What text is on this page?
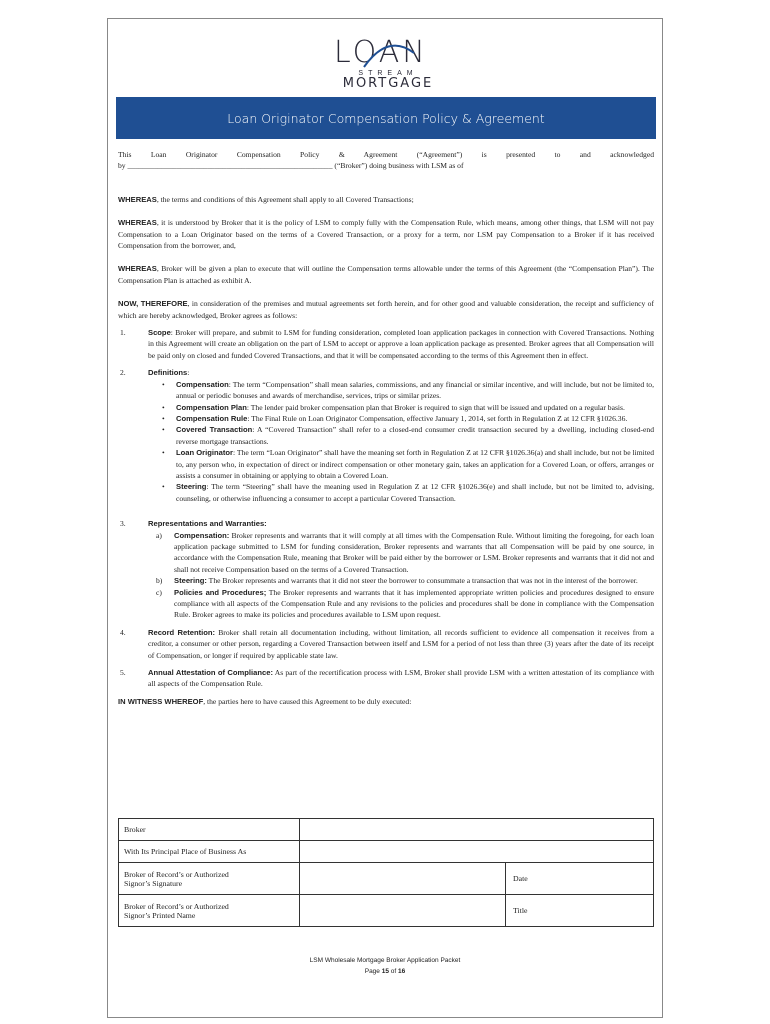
LOAN
STREAM
MORTGAGE
Loan Originator Compensation Policy & Agreement

This Loan Originator Compensation Policy & Agreement (“Agreement”) is presented to and acknowledged

by ______________________________________________________ (“Broker”) doing business with LSM as of

WHEREAS, the terms and conditions of this Agreement shall apply to all Covered Transactions;

WHEREAS, it is understood by Broker that it is the policy of LSM to comply fully with the Compensation Rule, which means, among other things, that LSM will not pay Compensation to a Loan Originator based on the terms of a Covered Transaction, or a proxy for a term, nor LSM pay Compensation to a Broker if it has received Compensation from the borrower, and,

WHEREAS, Broker will be given a plan to execute that will outline the Compensation terms allowable under the terms of this Agreement (the “Compensation Plan”). The Compensation Plan is attached as exhibit A.

NOW, THEREFORE, in consideration of the premises and mutual agreements set forth herein, and for other good and valuable consideration, the receipt and sufficiency of which are hereby acknowledged, Broker agrees as follows:

1.	Scope: Broker will prepare, and submit to LSM for funding consideration, completed loan application packages in connection with Covered Transactions. Nothing in this Agreement will create an obligation on the part of LSM to accept or approve a loan application package as presented. Broker agrees that all Compensation will be paid only on closed and funded Covered Transactions, and that it will be compensated according to the terms of this Agreement then in effect.
2.	Definitions:
•	Compensation: The term “Compensation” shall mean salaries, commissions, and any financial or similar incentive, and will include, but not be limited to, annual or periodic bonuses and awards of merchandise, services, trips or similar prizes.
•	Compensation Plan: The lender paid broker compensation plan that Broker is required to sign that will be issued and updated on a regular basis.
•	Compensation Rule: The Final Rule on Loan Originator Compensation, effective January 1, 2014, set forth in Regulation Z at 12 CFR §1026.36.
•	Covered Transaction: A “Covered Transaction” shall refer to a closed-end consumer credit transaction secured by a dwelling, including closed-end reverse mortgage transactions.
•	Loan Originator: The term “Loan Originator” shall have the meaning set forth in Regulation Z at 12 CFR §1026.36(a) and shall include, but not be limited to, any person who, in expectation of direct or indirect compensation or other monetary gain, takes an application for a Covered Loan, or offers, arranges or assists a consumer in obtaining or applying to obtain a Covered Loan.
•	Steering: The term “Steering” shall have the meaning used in Regulation Z at 12 CFR §1026.36(e) and shall include, but not be limited to, advising, counseling, or otherwise influencing a consumer to accept a particular Covered Transaction.
3.	Representations and Warranties:
a)	Compensation: Broker represents and warrants that it will comply at all times with the Compensation Rule. Without limiting the foregoing, for each loan application package submitted to LSM for funding consideration, Broker represents and warrants that all Compensation will be paid by one source, in accordance with the Compensation Rule, meaning that Broker will be paid either by the borrower or LSM. Broker represents and warrants that it did not and shall not receive Compensation based on the terms of a Covered Transaction.
b)	Steering: The Broker represents and warrants that it did not steer the borrower to consummate a transaction that was not in the interest of the borrower.
c)	Policies and Procedures; The Broker represents and warrants that it has implemented appropriate written policies and procedures designed to ensure compliance with all aspects of the Compensation Rule and any revisions to the policies and procedures shall be done in compliance with the Compensation Rule. Broker agrees to make its policies and procedures available to LSM upon request.
4.	Record Retention: Broker shall retain all documentation including, without limitation, all records sufficient to evidence all compensation it receives from a creditor, a consumer or other person, regarding a Covered Transaction between itself and LSM for a period of not less than three (3) years after the date of its receipt of Compensation, or longer if required by applicable state law.
5.	Annual Attestation of Compliance: As part of the recertification process with LSM, Broker shall provide LSM with a written attestation of its compliance with all aspects of the Compensation Rule.

IN WITNESS WHEREOF, the parties here to have caused this Agreement to be duly executed:

Broker		
With Its Principal Place of Business As		
Broker of Record’s or Authorized
Signor’s Signature		Date
Broker of Record’s or Authorized
Signor’s Printed Name		Title
LSM Wholesale Mortgage Broker Application Packet
Page 15 of 16
